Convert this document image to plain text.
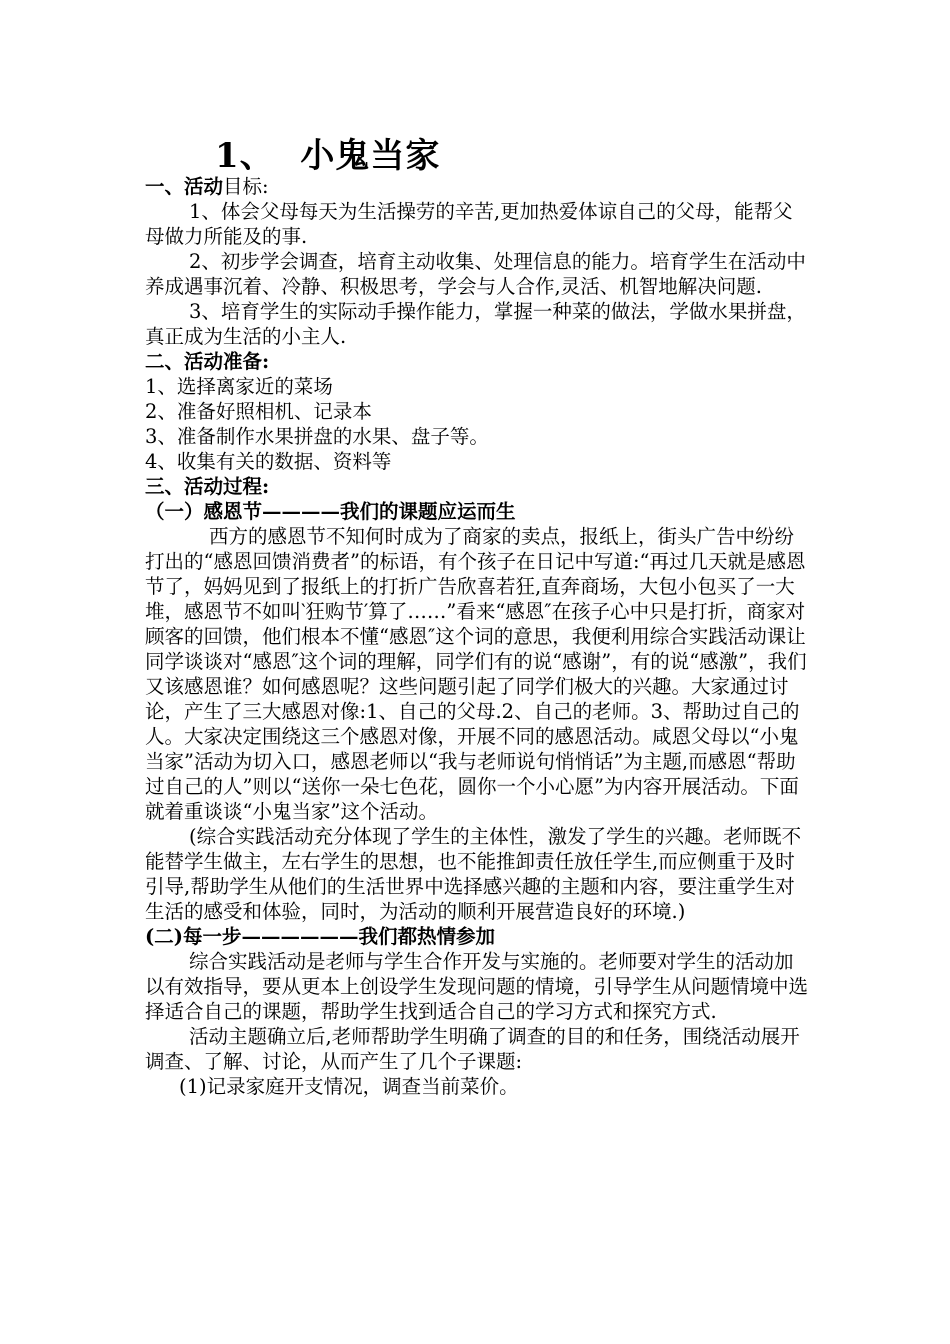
1、  小鬼当家

一、活动目标:

1、体会父母每天为生活操劳的辛苦,更加热爱体谅自己的父母，能帮父母做力所能及的事.

2、初步学会调查，培育主动收集、处理信息的能力。培育学生在活动中养成遇事沉着、冷静、积极思考，学会与人合作,灵活、机智地解决问题.

3、培育学生的实际动手操作能力，掌握一种菜的做法，学做水果拼盘，真正成为生活的小主人.

二、活动准备:

1、选择离家近的菜场

2、准备好照相机、记录本

3、准备制作水果拼盘的水果、盘子等。

4、收集有关的数据、资料等

三、活动过程:

（一）感恩节————我们的课题应运而生

西方的感恩节不知何时成为了商家的卖点，报纸上，街头广告中纷纷打出的“感恩回馈消费者”的标语，有个孩子在日记中写道:“再过几天就是感恩节了，妈妈见到了报纸上的打折广告欣喜若狂,直奔商场，大包小包买了一大堆，感恩节不如叫‵狂购节′算了……”看来“感恩″在孩子心中只是打折，商家对顾客的回馈，他们根本不懂“感恩″这个词的意思，我便利用综合实践活动课让同学谈谈对“感恩″这个词的理解，同学们有的说“感谢”，有的说“感激”，我们又该感恩谁？如何感恩呢？这些问题引起了同学们极大的兴趣。大家通过讨论，产生了三大感恩对像:1、自己的父母.2、自己的老师。3、帮助过自己的人。大家决定围绕这三个感恩对像，开展不同的感恩活动。咸恩父母以“小鬼当家”活动为切入口，感恩老师以“我与老师说句悄悄话”为主题,而感恩“帮助过自己的人”则以“送你一朵七色花，圆你一个小心愿”为内容开展活动。下面就着重谈谈“小鬼当家”这个活动。

(综合实践活动充分体现了学生的主体性，激发了学生的兴趣。老师既不能替学生做主，左右学生的思想，也不能推卸责任放任学生,而应侧重于及时引导,帮助学生从他们的生活世界中选择感兴趣的主题和内容，要注重学生对生活的感受和体验，同时，为活动的顺利开展营造良好的环境.)

(二)每一步——————我们都热情参加

综合实践活动是老师与学生合作开发与实施的。老师要对学生的活动加以有效指导，要从更本上创设学生发现问题的情境，引导学生从问题情境中选择适合自己的课题，帮助学生找到适合自己的学习方式和探究方式.

活动主题确立后,老师帮助学生明确了调查的目的和任务，围绕活动展开调查、了解、讨论，从而产生了几个子课题:

(1)记录家庭开支情况，调查当前菜价。
